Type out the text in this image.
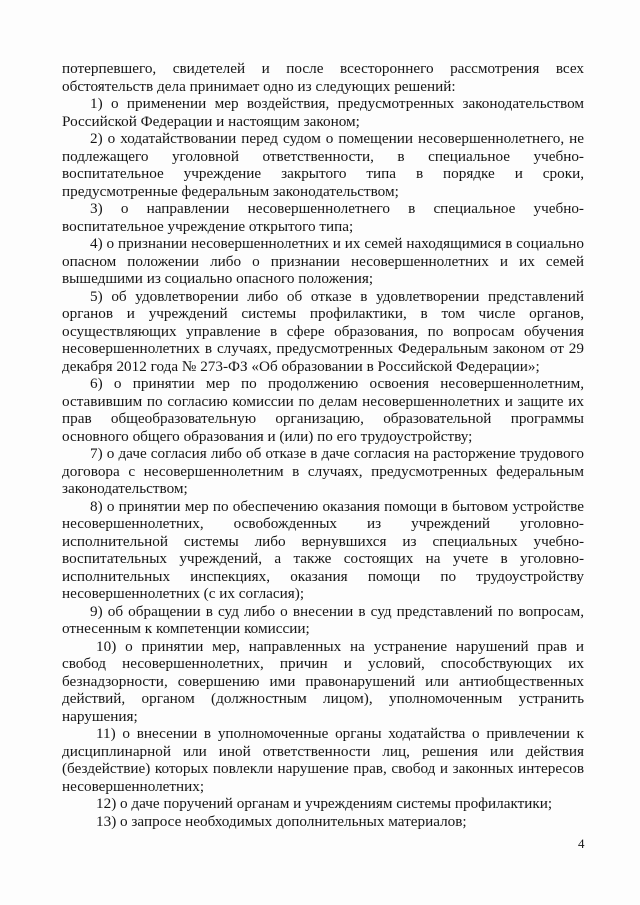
потерпевшего, свидетелей и после всестороннего рассмотрения всех обстоятельств дела принимает одно из следующих решений:

1) о применении мер воздействия, предусмотренных законодательством Российской Федерации и настоящим законом;

2) о ходатайствовании перед судом о помещении несовершеннолетнего, не подлежащего уголовной ответственности, в специальное учебно-воспитательное учреждение закрытого типа в порядке и сроки, предусмотренные федеральным законодательством;

3) о направлении несовершеннолетнего в специальное учебно-воспитательное учреждение открытого типа;

4) о признании несовершеннолетних и их семей находящимися в социально опасном положении либо о признании несовершеннолетних и их семей вышедшими из социально опасного положения;

5) об удовлетворении либо об отказе в удовлетворении представлений органов и учреждений системы профилактики, в том числе органов, осуществляющих управление в сфере образования, по вопросам обучения несовершеннолетних в случаях, предусмотренных Федеральным законом от 29 декабря 2012 года № 273-ФЗ «Об образовании в Российской Федерации»;

6) о принятии мер по продолжению освоения несовершеннолетним, оставившим по согласию комиссии по делам несовершеннолетних и защите их прав общеобразовательную организацию, образовательной программы основного общего образования и (или) по его трудоустройству;

7) о даче согласия либо об отказе в даче согласия на расторжение трудового договора с несовершеннолетним в случаях, предусмотренных федеральным законодательством;

8) о принятии мер по обеспечению оказания помощи в бытовом устройстве несовершеннолетних, освобожденных из учреждений уголовно-исполнительной системы либо вернувшихся из специальных учебно-воспитательных учреждений, а также состоящих на учете в уголовно-исполнительных инспекциях, оказания помощи по трудоустройству несовершеннолетних (с их согласия);

9) об обращении в суд либо о внесении в суд представлений по вопросам, отнесенным к компетенции комиссии;

10) о принятии мер, направленных на устранение нарушений прав и свобод несовершеннолетних, причин и условий, способствующих их безнадзорности, совершению ими правонарушений или антиобщественных действий, органом (должностным лицом), уполномоченным устранить нарушения;

11) о внесении в уполномоченные органы ходатайства о привлечении к дисциплинарной или иной ответственности лиц, решения или действия (бездействие) которых повлекли нарушение прав, свобод и законных интересов несовершеннолетних;

12) о даче поручений органам и учреждениям системы профилактики;

13) о запросе необходимых дополнительных материалов;

4
